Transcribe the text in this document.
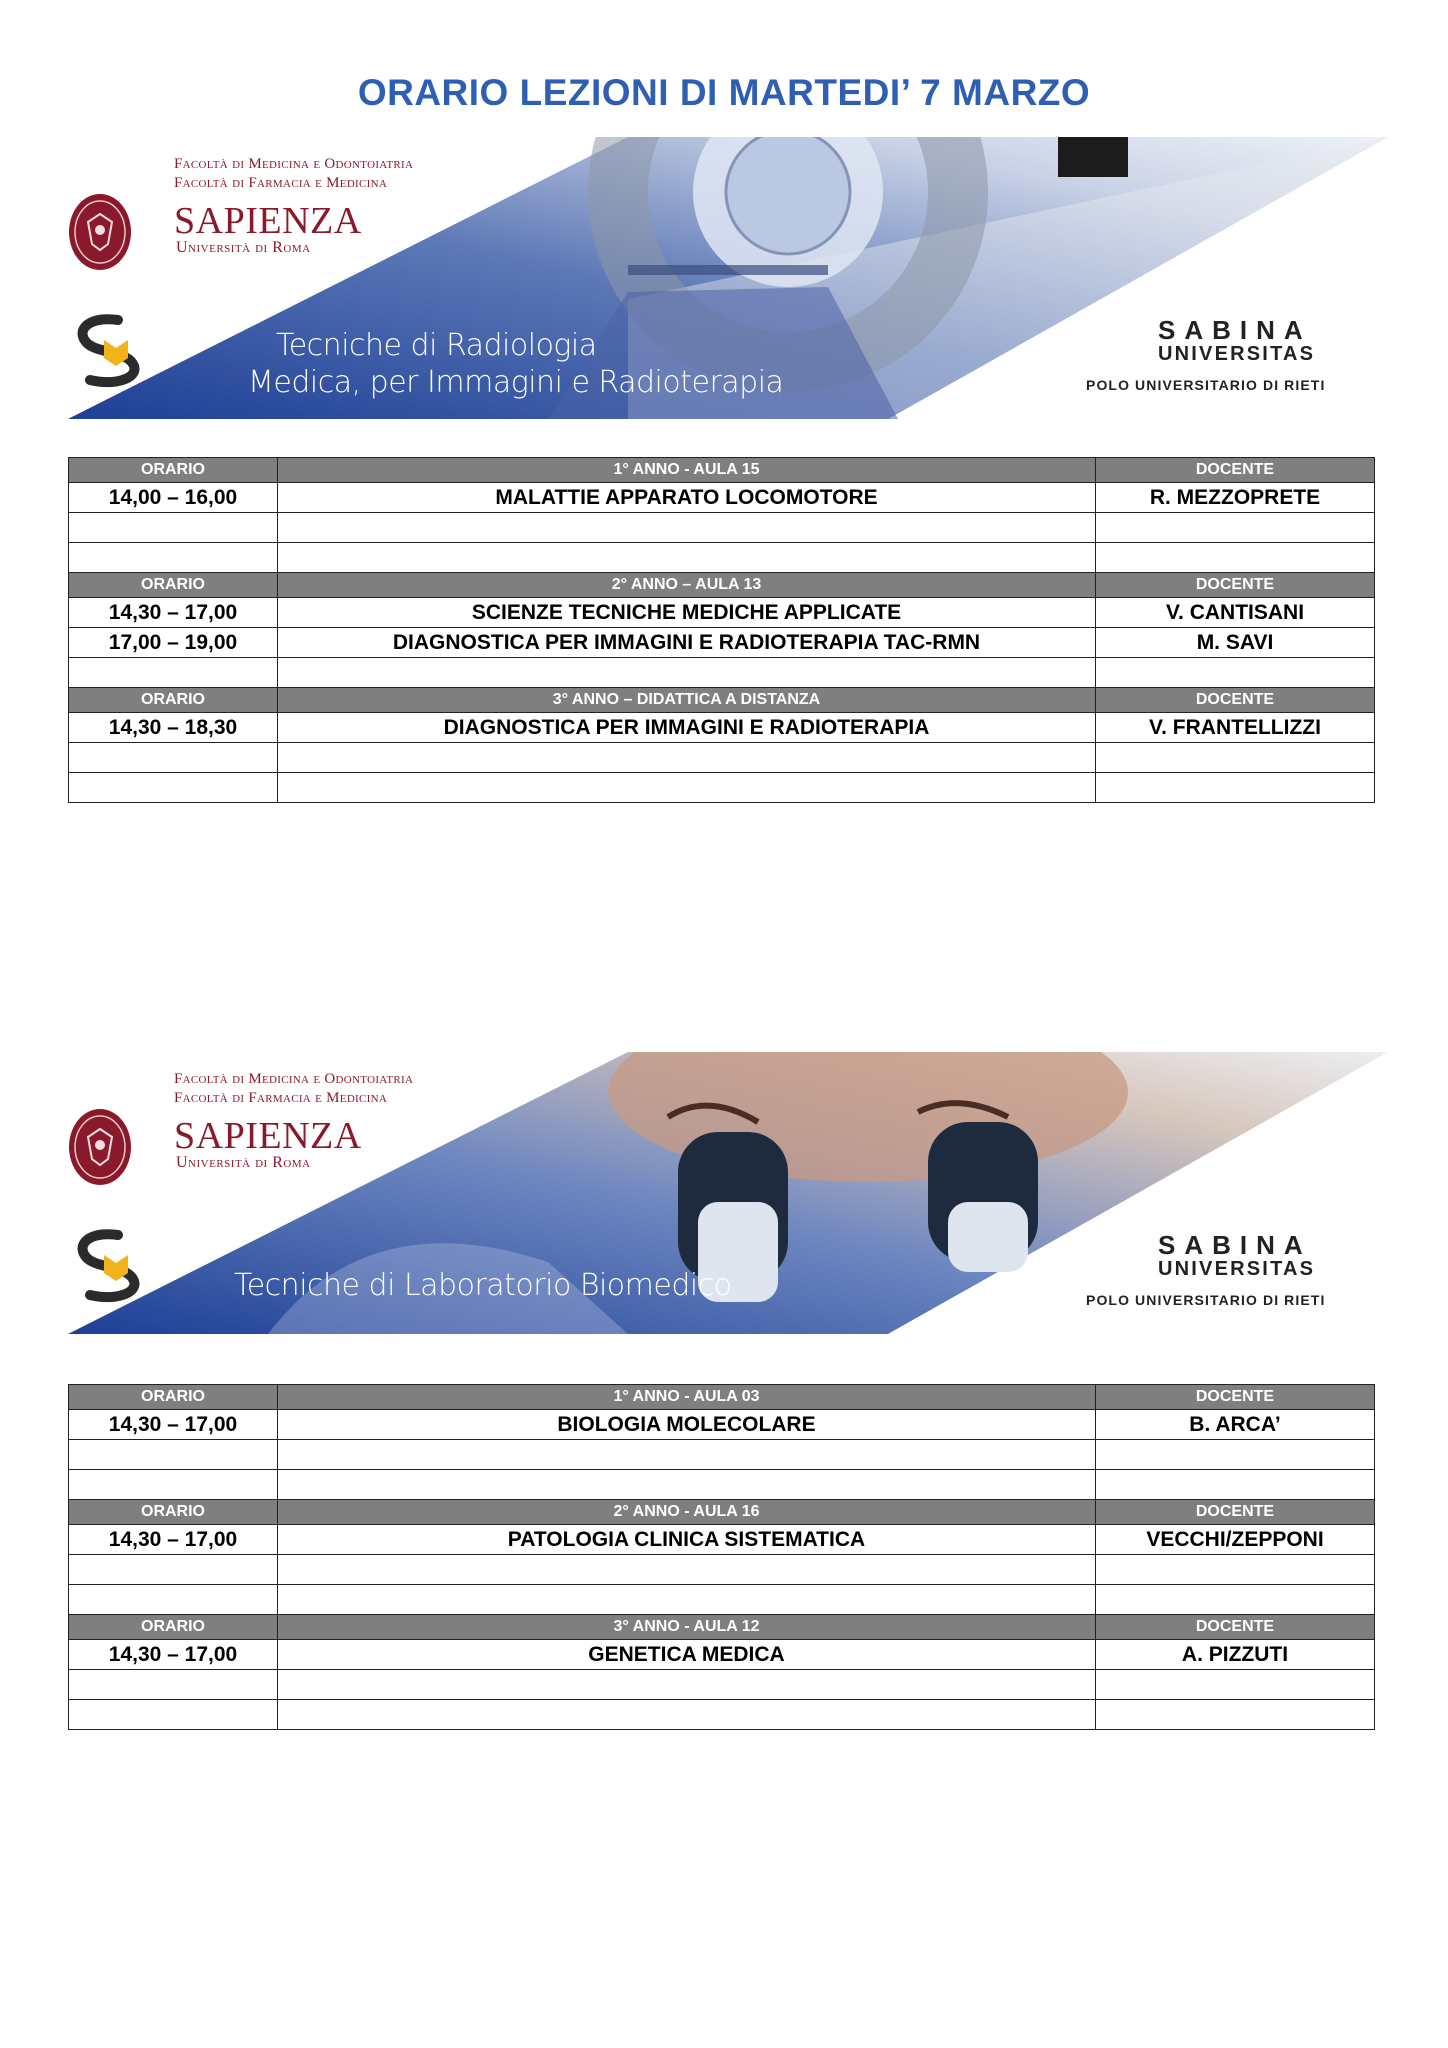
ORARIO LEZIONI DI MARTEDI’ 7 MARZO
Facoltà di Medicina e Odontoiatria
Facoltà di Farmacia e Medicina
SAPIENZA
Università di Roma
Tecniche di Radiologia
Medica, per Immagini e Radioterapia
SABINA
UNIVERSITAS
POLO UNIVERSITARIO DI RIETI
ORARIO	1° ANNO - AULA 15	DOCENTE
14,00 – 16,00	MALATTIE APPARATO LOCOMOTORE	R. MEZZOPRETE

ORARIO	2° ANNO – AULA 13	DOCENTE
14,30 – 17,00	SCIENZE TECNICHE MEDICHE APPLICATE	V. CANTISANI
17,00 – 19,00	DIAGNOSTICA PER IMMAGINI E RADIOTERAPIA TAC-RMN	M. SAVI

ORARIO	3° ANNO – DIDATTICA A DISTANZA	DOCENTE
14,30 – 18,30	DIAGNOSTICA PER IMMAGINI E RADIOTERAPIA	V. FRANTELLIZZI

Facoltà di Medicina e Odontoiatria
Facoltà di Farmacia e Medicina
SAPIENZA
Università di Roma
Tecniche di Laboratorio Biomedico
SABINA
UNIVERSITAS
POLO UNIVERSITARIO DI RIETI
ORARIO	1° ANNO - AULA 03	DOCENTE
14,30 – 17,00	BIOLOGIA MOLECOLARE	B. ARCA’

ORARIO	2° ANNO - AULA 16	DOCENTE
14,30 – 17,00	PATOLOGIA CLINICA SISTEMATICA	VECCHI/ZEPPONI

ORARIO	3° ANNO - AULA 12	DOCENTE
14,30 – 17,00	GENETICA MEDICA	A. PIZZUTI
